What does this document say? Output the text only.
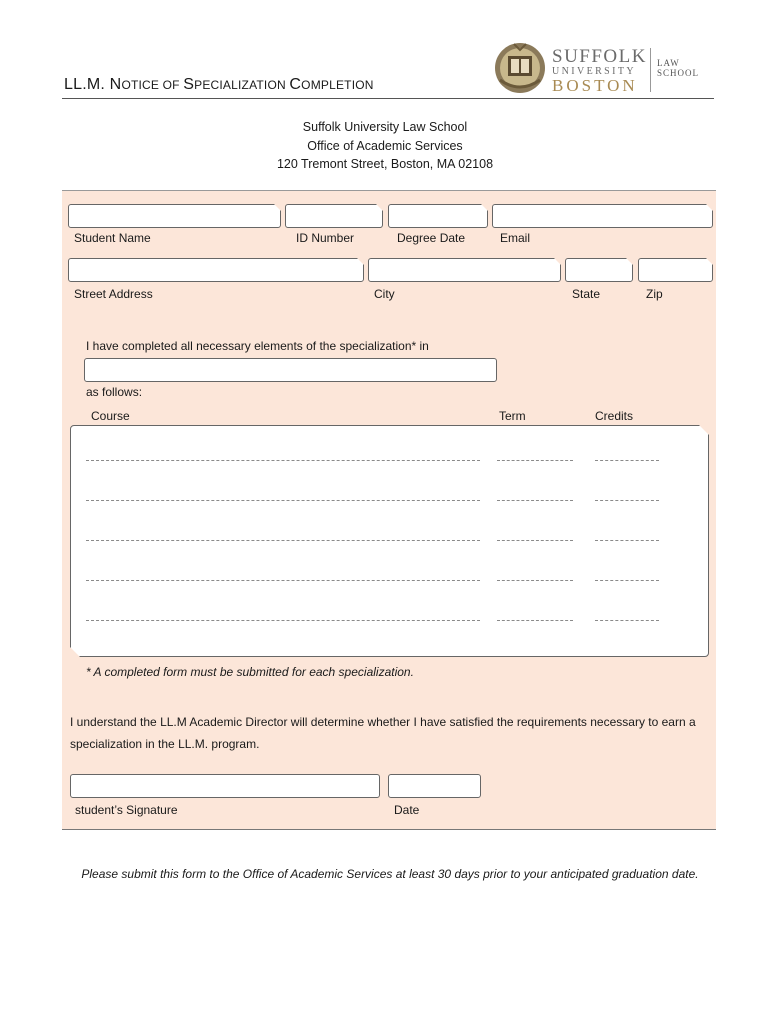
LL.M. NOTICE OF SPECIALIZATION COMPLETION
SUFFOLK
UNIVERSITY
BOSTON
LAW
SCHOOL
Suffolk University Law School
Office of Academic Services
120 Tremont Street, Boston, MA 02108
Student Name	ID Number	Degree Date	Email
Street Address	City	State	Zip
I have completed all necessary elements of the specialization* in
as follows:
Course	Term	Credits
* A completed form must be submitted for each specialization.
I understand the LL.M Academic Director will determine whether I have satisfied the requirements necessary to earn a specialization in the LL.M. program.
student’s Signature	Date
Please submit this form to the Office of Academic Services at least 30 days prior to your anticipated graduation date.
